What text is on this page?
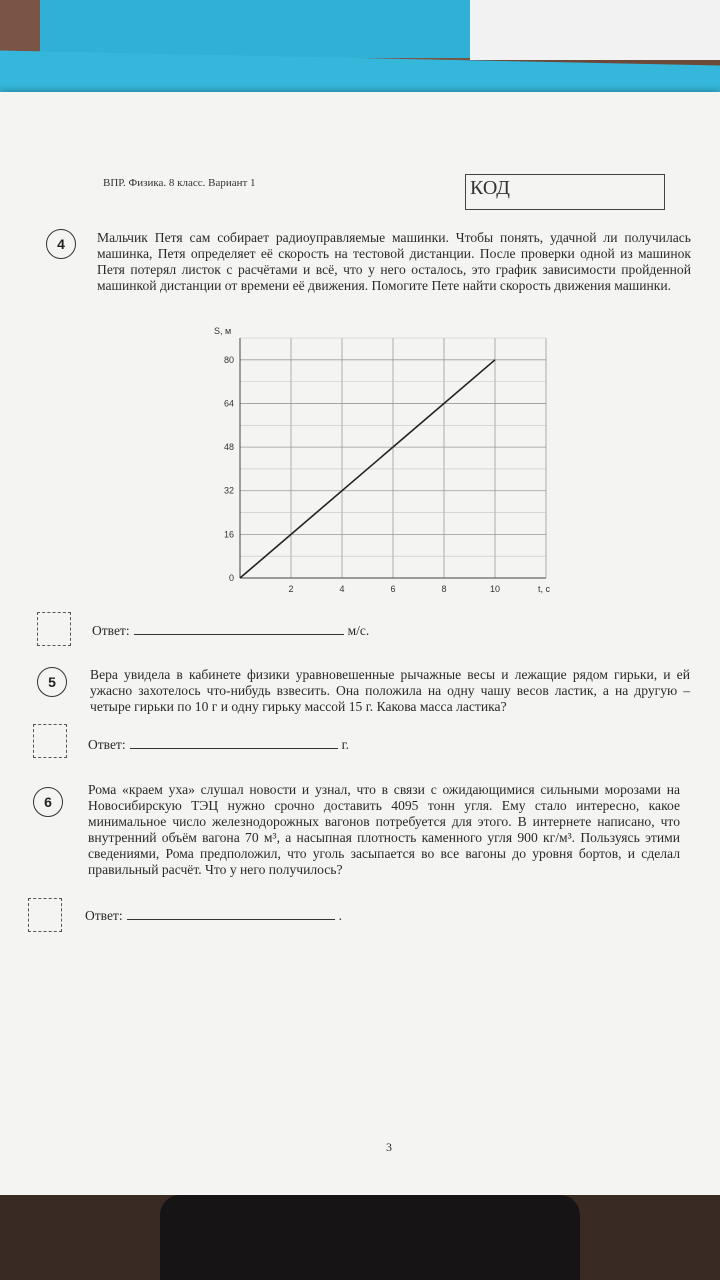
ВПР. Физика. 8 класс. Вариант 1	КОД
4	Мальчик Петя сам собирает радиоуправляемые машинки. Чтобы понять, удачной ли получилась машинка, Петя определяет её скорость на тестовой дистанции. После проверки одной из машинок Петя потерял листок с расчётами и всё, что у него осталось, это график зависимости пройденной машинкой дистанции от времени её движения. Помогите Пете найти скорость движения машинки.
2	4	6	8	10
16
32
48
64
80
0
S, м
t, с
Ответ:	м/с.
5	Вера увидела в кабинете физики уравновешенные рычажные весы и лежащие рядом гирьки, и ей ужасно захотелось что-нибудь взвесить. Она положила на одну чашу весов ластик, а на другую – четыре гирьки по 10 г и одну гирьку массой 15 г. Какова масса ластика?
Ответ:	г.
6
Рома «краем уха» слушал новости и узнал, что в связи с ожидающимися сильными морозами на Новосибирскую ТЭЦ нужно срочно доставить 4095 тонн угля. Ему стало интересно, какое минимальное число железнодорожных вагонов потребуется для этого. В интернете написано, что внутренний объём вагона 70 м³, а насыпная плотность каменного угля 900 кг/м³. Пользуясь этими сведениями, Рома предположил, что уголь засыпается во все вагоны до уровня бортов, и сделал правильный расчёт. Что у него получилось?
Ответ:	.
3
